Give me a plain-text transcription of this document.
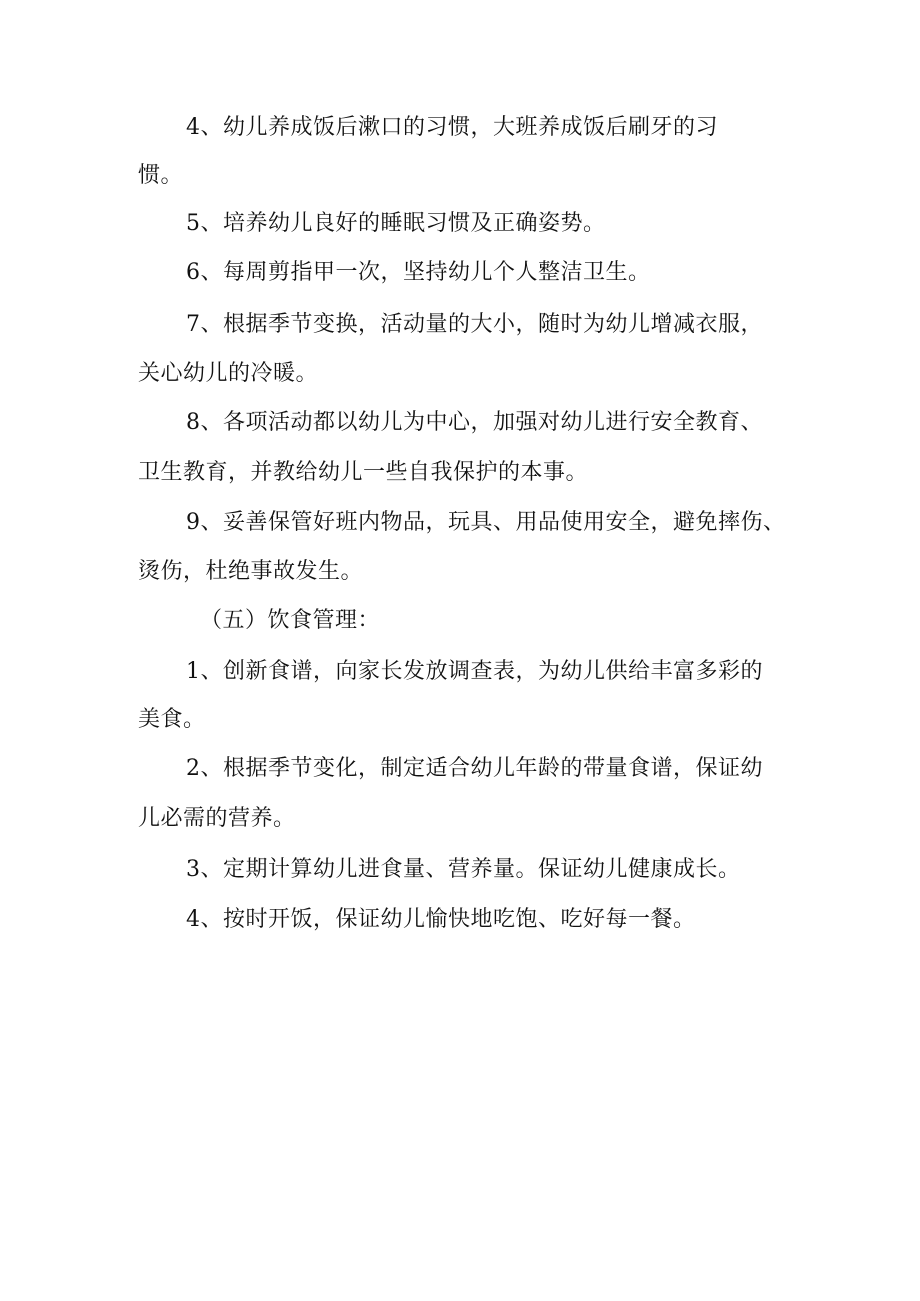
4、幼儿养成饭后漱口的习惯，大班养成饭后刷牙的习
惯。
5、培养幼儿良好的睡眠习惯及正确姿势。
6、每周剪指甲一次，坚持幼儿个人整洁卫生。
7、根据季节变换，活动量的大小，随时为幼儿增减衣服，
关心幼儿的冷暖。
8、各项活动都以幼儿为中心，加强对幼儿进行安全教育、
卫生教育，并教给幼儿一些自我保护的本事。
9、妥善保管好班内物品，玩具、用品使用安全，避免摔伤、
烫伤，杜绝事故发生。
（五）饮食管理：
1、创新食谱，向家长发放调查表，为幼儿供给丰富多彩的
美食。
2、根据季节变化，制定适合幼儿年龄的带量食谱，保证幼
儿必需的营养。
3、定期计算幼儿进食量、营养量。保证幼儿健康成长。
4、按时开饭，保证幼儿愉快地吃饱、吃好每一餐。
